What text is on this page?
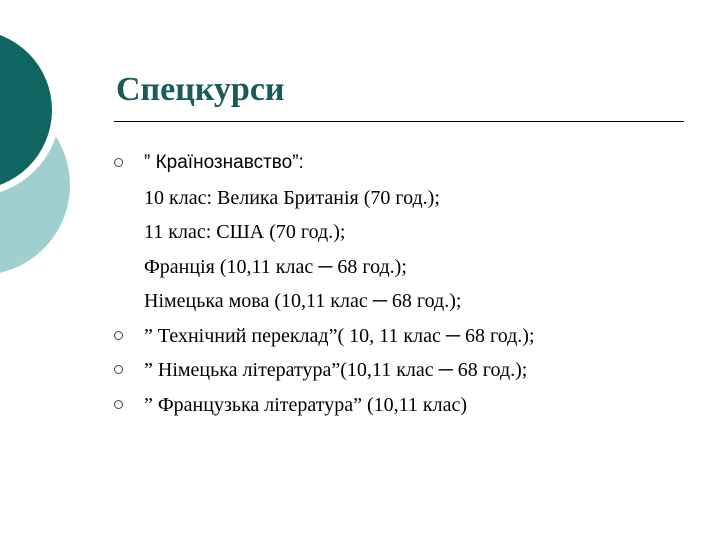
Спецкурси
” Країнознавство”:
10 клас: Велика Британія (70 год.);
11 клас: США (70 год.);
Франція (10,11 клас ─ 68 год.);
Німецька мова (10,11 клас ─ 68 год.);
” Технічний переклад”( 10, 11 клас ─ 68 год.);
” Німецька література”(10,11 клас ─ 68 год.);
” Французька література” (10,11 клас)
